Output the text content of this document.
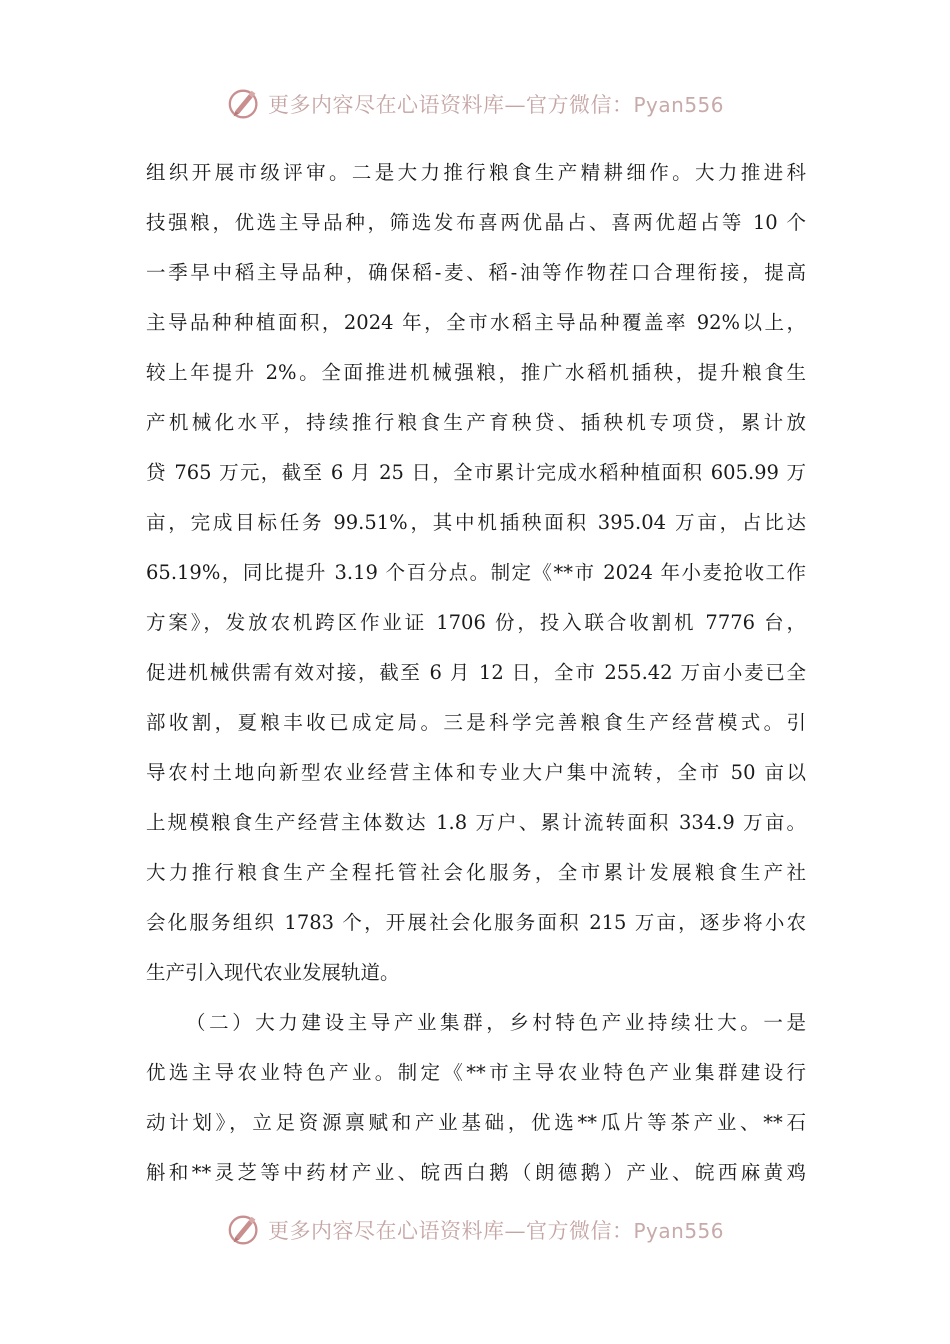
更多内容尽在心语资料库—官方微信：Pyan556
组织开展市级评审。二是大力推行粮食生产精耕细作。大力推进科
技强粮，优选主导品种，筛选发布喜两优晶占、喜两优超占等 10 个
一季早中稻主导品种，确保稻-麦、稻-油等作物茬口合理衔接，提高
主导品种种植面积，2024 年，全市水稻主导品种覆盖率 92%以上，
较上年提升 2%。全面推进机械强粮，推广水稻机插秧，提升粮食生
产机械化水平，持续推行粮食生产育秧贷、插秧机专项贷，累计放
贷 765 万元，截至 6 月 25 日，全市累计完成水稻种植面积 605.99 万
亩，完成目标任务 99.51%，其中机插秧面积 395.04 万亩，占比达
65.19%，同比提升 3.19 个百分点。制定《**市 2024 年小麦抢收工作
方案》，发放农机跨区作业证 1706 份，投入联合收割机 7776 台，
促进机械供需有效对接，截至 6 月 12 日，全市 255.42 万亩小麦已全
部收割，夏粮丰收已成定局。三是科学完善粮食生产经营模式。引
导农村土地向新型农业经营主体和专业大户集中流转，全市 50 亩以
上规模粮食生产经营主体数达 1.8 万户、累计流转面积 334.9 万亩。
大力推行粮食生产全程托管社会化服务，全市累计发展粮食生产社
会化服务组织 1783 个，开展社会化服务面积 215 万亩，逐步将小农
生产引入现代农业发展轨道。
（二）大力建设主导产业集群，乡村特色产业持续壮大。一是
优选主导农业特色产业。制定《**市主导农业特色产业集群建设行
动计划》，立足资源禀赋和产业基础，优选**瓜片等茶产业、**石
斛和**灵芝等中药材产业、皖西白鹅（朗德鹅）产业、皖西麻黄鸡
更多内容尽在心语资料库—官方微信：Pyan556
